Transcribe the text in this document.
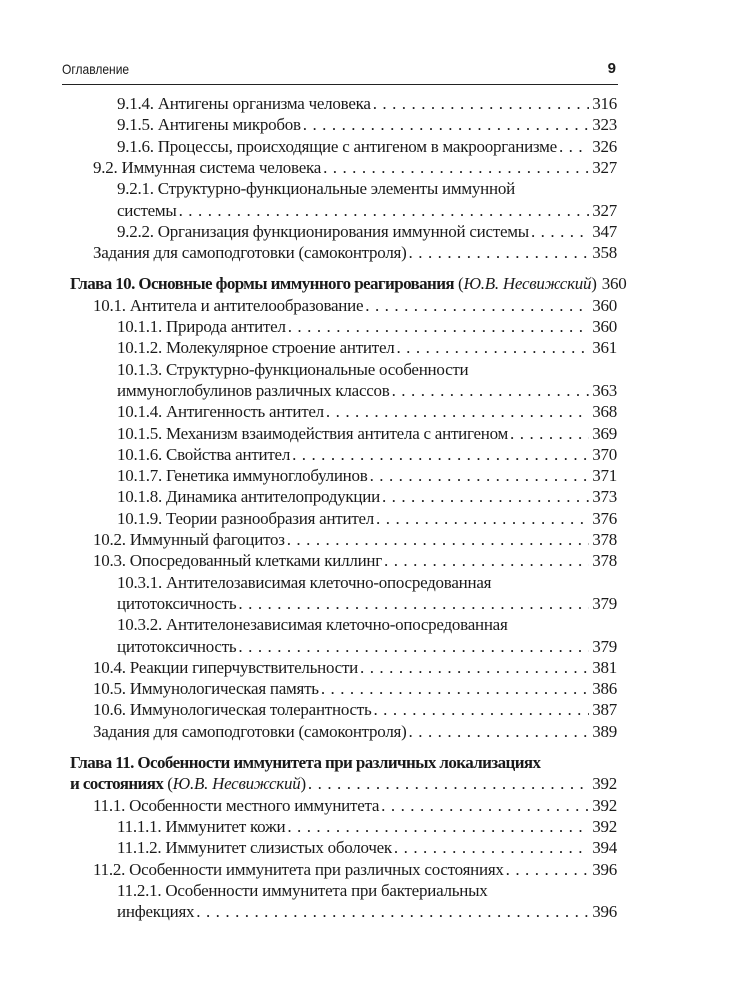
Оглавление	9
9.1.4. Антигены организма человека . . .	316
9.1.5. Антигены микробов . . .	323
9.1.6. Процессы, происходящие с антигеном в макроорганизме . . . 326
9.2. Иммунная система человека . . .	327
9.2.1. Структурно-функциональные элементы иммунной
системы . . .	327
9.2.2. Организация функционирования иммунной системы . . .	347
Задания для самоподготовки (самоконтроля) . . .	358
Глава 10. Основные формы иммунного реагирования (Ю.В. Несвижский) 360
10.1. Антитела и антителообразование . . .	360
10.1.1. Природа антител . . .	360
10.1.2. Молекулярное строение антител . . .	361
10.1.3. Структурно-функциональные особенности
иммуноглобулинов различных классов . . .	363
10.1.4. Антигенность антител . . .	368
10.1.5. Механизм взаимодействия антитела с антигеном . . .	369
10.1.6. Свойства антител . . .	370
10.1.7. Генетика иммуноглобулинов . . .	371
10.1.8. Динамика антителопродукции . . .	373
10.1.9. Теории разнообразия антител . . .	376
10.2. Иммунный фагоцитоз . . .	378
10.3. Опосредованный клетками киллинг . . .	378
10.3.1. Антителозависимая клеточно-опосредованная
цитотоксичность . . .	379
10.3.2. Антителонезависимая клеточно-опосредованная
цитотоксичность . . .	379
10.4. Реакции гиперчувствительности . . .	381
10.5. Иммунологическая память . . .	386
10.6. Иммунологическая толерантность . . .	387
Задания для самоподготовки (самоконтроля) . . .	389
Глава 11. Особенности иммунитета при различных локализациях
и состояниях (Ю.В. Несвижский) . . .	392
11.1. Особенности местного иммунитета . . .	392
11.1.1. Иммунитет кожи . . .	392
11.1.2. Иммунитет слизистых оболочек . . .	394
11.2. Особенности иммунитета при различных состояниях . . .	396
11.2.1. Особенности иммунитета при бактериальных
инфекциях . . .	396
